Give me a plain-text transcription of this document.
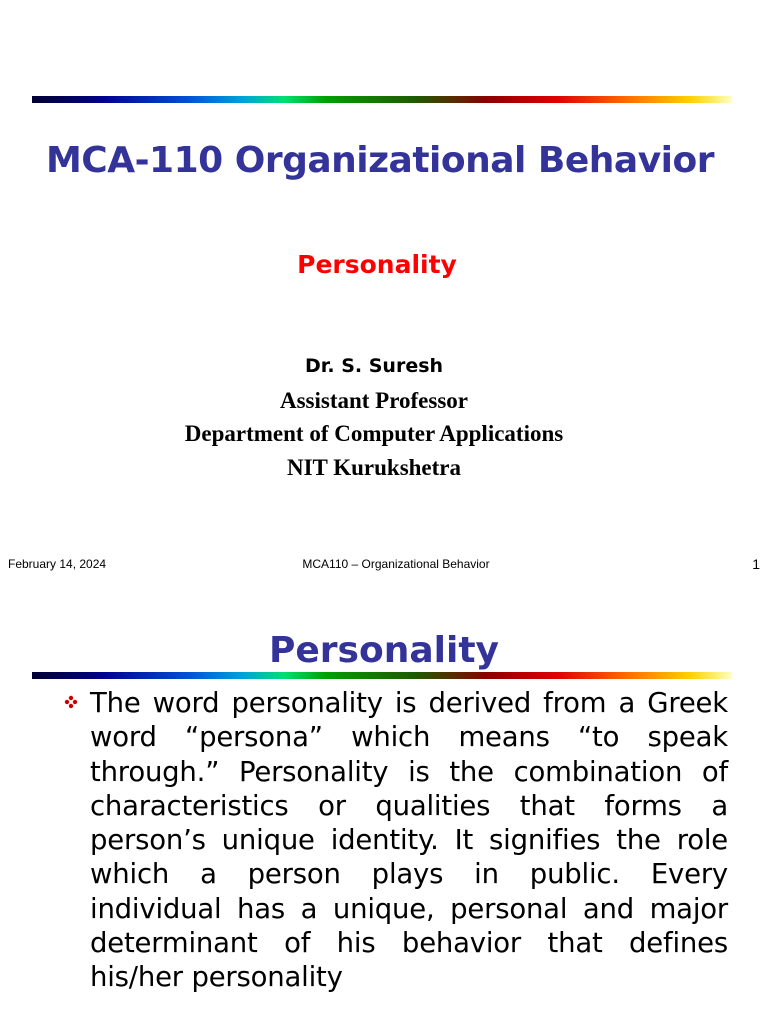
MCA-110 Organizational Behavior
Personality
Dr. S. Suresh
Assistant Professor
Department of Computer Applications
NIT Kurukshetra
February 14, 2024	MCA110 – Organizational Behavior	1
Personality
The word personality is derived from a Greek word “persona” which means “to speak through.” Personality is the combination of characteristics or qualities that forms a person’s unique identity. It signifies the role which a person plays in public. Every individual has a unique, personal and major determinant of his behavior that defines his/her personality
